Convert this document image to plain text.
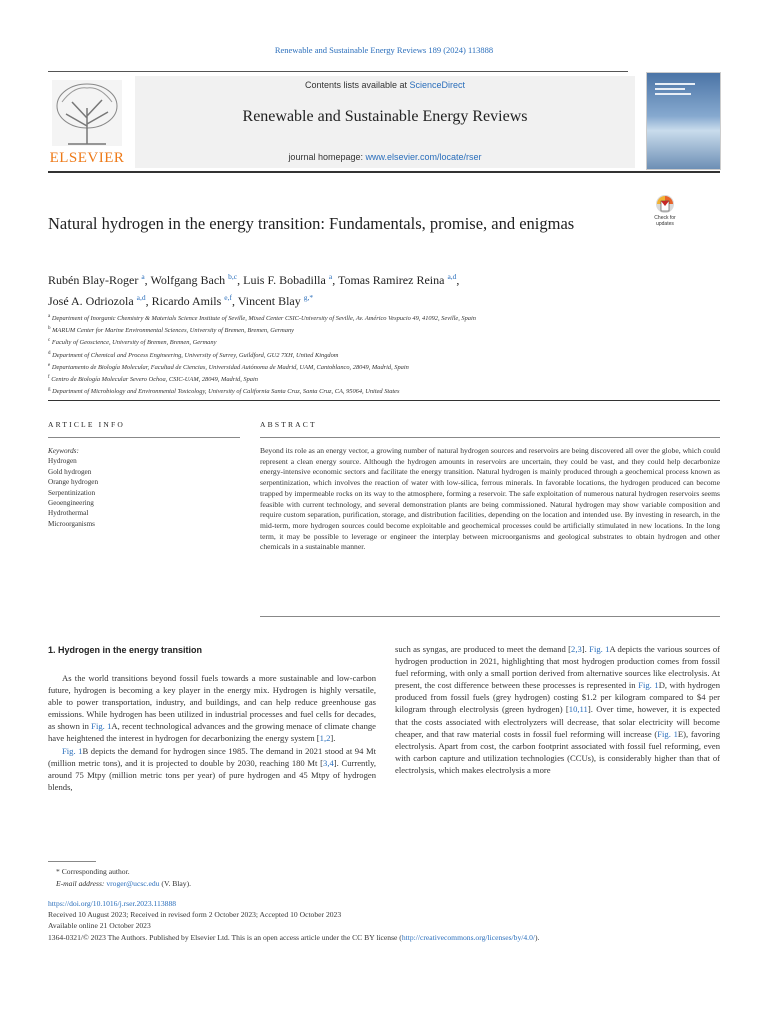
Renewable and Sustainable Energy Reviews 189 (2024) 113888
ELSEVIER
Contents lists available at ScienceDirect
Renewable and Sustainable Energy Reviews
journal homepage: www.elsevier.com/locate/rser
Check for
updates
Natural hydrogen in the energy transition: Fundamentals, promise, and enigmas
Rubén Blay-Roger $^a$, Wolfgang Bach $^{b,c}$, Luis F. Bobadilla $^a$, Tomas Ramirez Reina $^{a,d}$,
José A. Odriozola $^{a,d}$, Ricardo Amils $^{e,f}$, Vincent Blay $^{g,*}$
$^a$ Department of Inorganic Chemistry & Materials Science Institute of Seville, Mixed Center CSIC-University of Seville, Av. Américo Vespucio 49, 41092, Seville, Spain
$^b$ MARUM Center for Marine Environmental Sciences, University of Bremen, Bremen, Germany
$^c$ Faculty of Geoscience, University of Bremen, Bremen, Germany
$^d$ Department of Chemical and Process Engineering, University of Surrey, Guildford, GU2 7XH, United Kingdom
$^e$ Departamento de Biología Molecular, Facultad de Ciencias, Universidad Autónoma de Madrid, UAM, Cantoblanco, 28049, Madrid, Spain
$^f$ Centro de Biología Molecular Severo Ochoa, CSIC-UAM, 28049, Madrid, Spain
$^g$ Department of Microbiology and Environmental Toxicology, University of California Santa Cruz, Santa Cruz, CA, 95064, United States
ARTICLE INFO	ABSTRACT
Keywords:
Hydrogen
Gold hydrogen
Orange hydrogen
Serpentinization
Geoengineering
Hydrothermal
Microorganisms
Beyond its role as an energy vector, a growing number of natural hydrogen sources and reservoirs are being discovered all over the globe, which could represent a clean energy source. Although the hydrogen amounts in reservoirs are uncertain, they could be vast, and they could help decarbonize energy-intensive economic sectors and facilitate the energy transition. Natural hydrogen is mainly produced through a geochemical process known as serpentinization, which involves the reaction of water with low-silica, ferrous minerals. In favorable locations, the hydrogen produced can become trapped by impermeable rocks on its way to the atmosphere, forming a reservoir. The safe exploitation of numerous natural hydrogen reservoirs seems feasible with current technology, and several demonstration plants are being commissioned. Natural hydrogen may show variable composition and require custom separation, purification, storage, and distribution facilities, depending on the location and intended use. By investing in research, in the mid-term, more hydrogen sources could become exploitable and geochemical processes could be artificially stimulated in new locations. In the long term, it may be possible to leverage or engineer the interplay between microorganisms and geological substrates to obtain hydrogen and other chemicals in a sustainable manner.
1. Hydrogen in the energy transition

As the world transitions beyond fossil fuels towards a more sustainable and low-carbon future, hydrogen is becoming a key player in the energy mix. Hydrogen is highly versatile, able to power transportation, industry, and buildings, and can help reduce greenhouse gas emissions. While hydrogen has been utilized in industrial processes and fuel cells for decades, as shown in Fig. 1A, recent technological advances and the growing menace of climate change have heightened the interest in hydrogen for decarbonizing the energy system [1,2].

Fig. 1B depicts the demand for hydrogen since 1985. The demand in 2021 stood at 94 Mt (million metric tons), and it is projected to double by 2030, reaching 180 Mt [3,4]. Currently, around 75 Mtpy (million metric tons per year) of pure hydrogen and 45 Mtpy of hydrogen blends,

such as syngas, are produced to meet the demand [2,3]. Fig. 1A depicts the various sources of hydrogen production in 2021, highlighting that most hydrogen production comes from fossil fuel reforming, with only a small portion derived from alternative sources like electrolysis. At present, the cost difference between these processes is represented in Fig. 1D, with hydrogen produced from fossil fuels (grey hydrogen) costing $1.2 per kilogram compared to $4 per kilogram through electrolysis (green hydrogen) [10,11]. Over time, however, it is expected that the costs associated with electrolyzers will decrease, that solar electricity will become cheaper, and that raw material costs in fossil fuel reforming will increase (Fig. 1E), favoring electrolysis. Apart from cost, the carbon footprint associated with fossil fuel reforming, even with carbon capture and utilization technologies (CCUs), is considerably higher than that of electrolysis, which makes electrolysis a more
* Corresponding author.
E-mail address: vroger@ucsc.edu (V. Blay).
https://doi.org/10.1016/j.rser.2023.113888
Received 10 August 2023; Received in revised form 2 October 2023; Accepted 10 October 2023
Available online 21 October 2023
1364-0321/© 2023 The Authors. Published by Elsevier Ltd. This is an open access article under the CC BY license (http://creativecommons.org/licenses/by/4.0/).
